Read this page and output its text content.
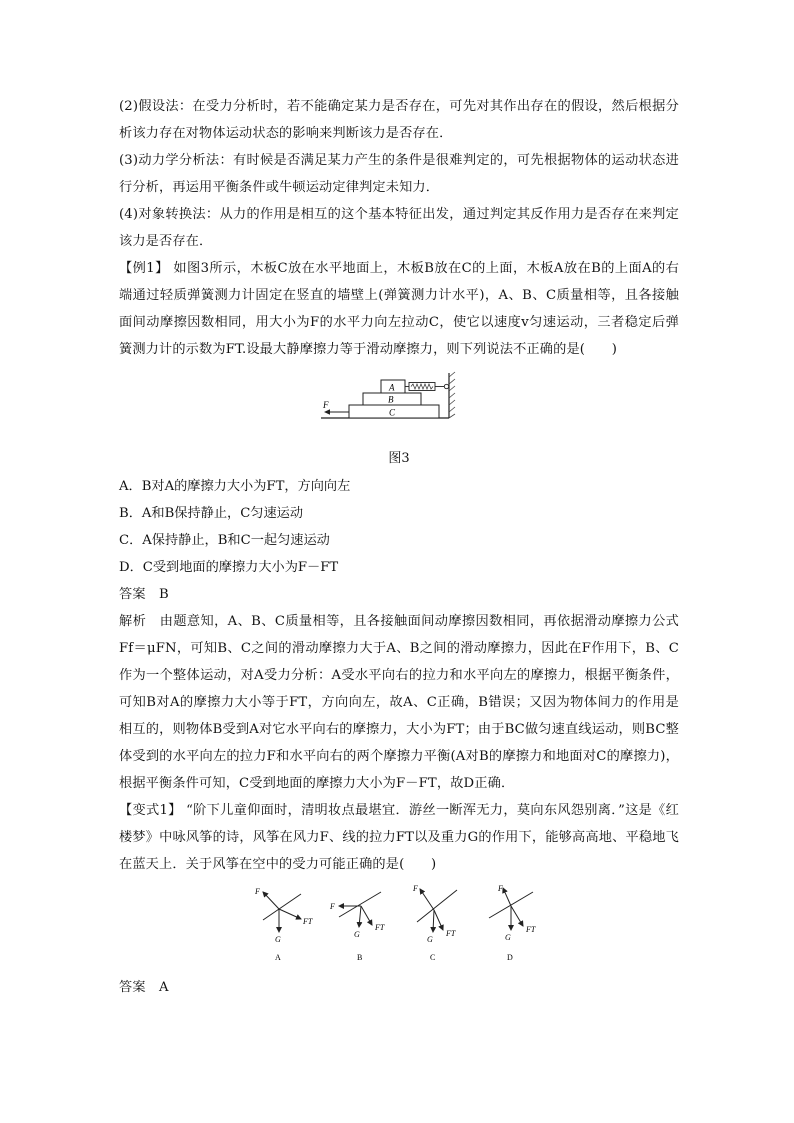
(2)假设法：在受力分析时，若不能确定某力是否存在，可先对其作出存在的假设，然后根据分析该力存在对物体运动状态的影响来判断该力是否存在．

(3)动力学分析法：有时候是否满足某力产生的条件是很难判定的，可先根据物体的运动状态进行分析，再运用平衡条件或牛顿运动定律判定未知力．

(4)对象转换法：从力的作用是相互的这个基本特征出发，通过判定其反作用力是否存在来判定该力是否存在．

【例1】 如图3所示，木板C放在水平地面上，木板B放在C的上面，木板A放在B的上面A的右端通过轻质弹簧测力计固定在竖直的墙壁上(弹簧测力计水平)，A、B、C质量相等，且各接触面间动摩擦因数相同，用大小为F的水平力向左拉动C，使它以速度v匀速运动，三者稳定后弹簧测力计的示数为FT.设最大静摩擦力等于滑动摩擦力，则下列说法不正确的是(　　)

A
B
C
F

图3

A．B对A的摩擦力大小为FT，方向向左

B．A和B保持静止，C匀速运动

C．A保持静止，B和C一起匀速运动

D．C受到地面的摩擦力大小为F－FT

答案　B

解析　由题意知，A、B、C质量相等，且各接触面间动摩擦因数相同，再依据滑动摩擦力公式Ff＝μFN，可知B、C之间的滑动摩擦力大于A、B之间的滑动摩擦力，因此在F作用下，B、C作为一个整体运动，对A受力分析：A受水平向右的拉力和水平向左的摩擦力，根据平衡条件，可知B对A的摩擦力大小等于FT，方向向左，故A、C正确，B错误；又因为物体间力的作用是相互的，则物体B受到A对它水平向右的摩擦力，大小为FT；由于BC做匀速直线运动，则BC整体受到的水平向左的拉力F和水平向右的两个摩擦力平衡(A对B的摩擦力和地面对C的摩擦力)，根据平衡条件可知，C受到地面的摩擦力大小为F－FT，故D正确．

【变式1】 “阶下儿童仰面时，清明妆点最堪宜．游丝一断浑无力，莫向东风怨别离．”这是《红楼梦》中咏风筝的诗，风筝在风力F、线的拉力FT以及重力G的作用下，能够高高地、平稳地飞在蓝天上．关于风筝在空中的受力可能正确的是(　　)

F
FT
G
A
F
FT
G
B
F
FT
G
C
F
FT
G
D

答案　A
